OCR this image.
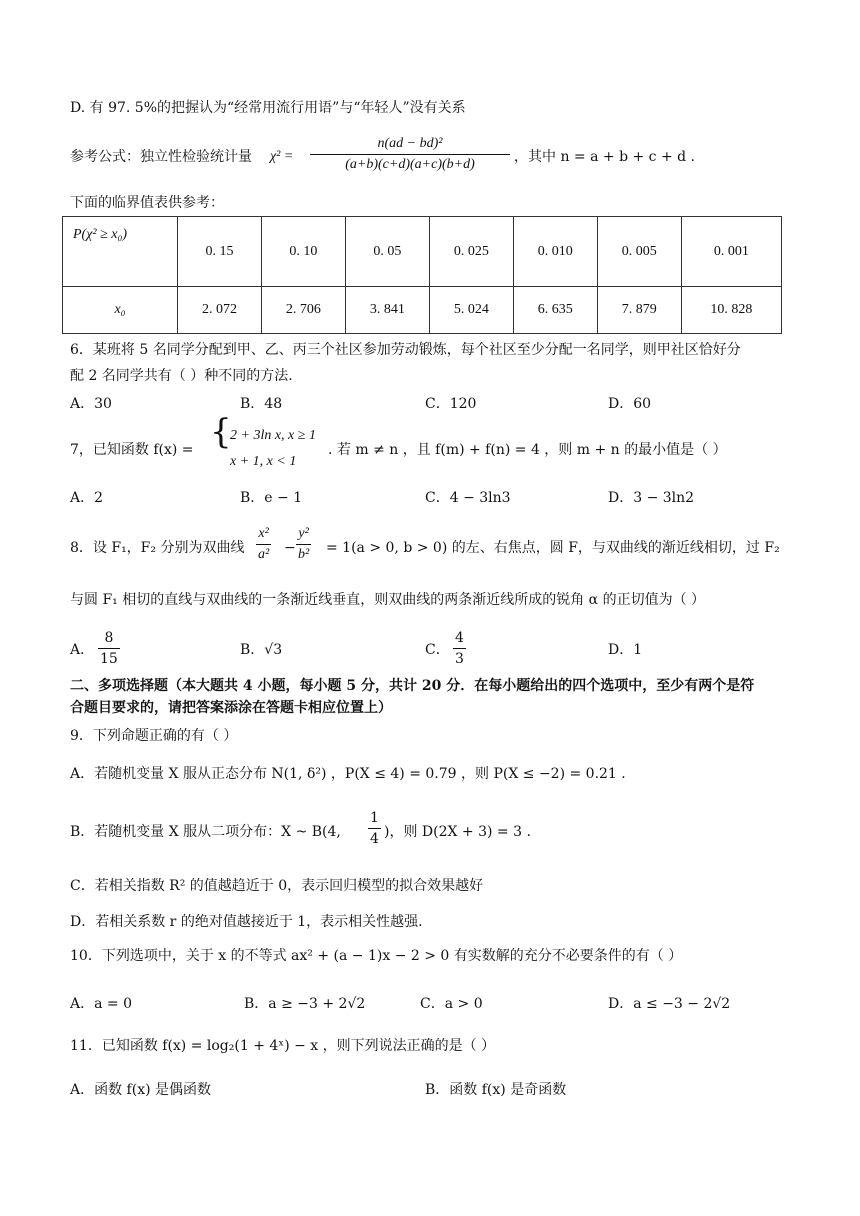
D. 有 97. 5%的把握认为“经常用流行用语”与“年轻人”没有关系
参考公式：独立性检验统计量 $\chi^2 = \frac{\text{n(ad − bd)²}}{(a+b)(c+d)(a+c)(b+d)}$ ，其中 n = a + b + c + d .
下面的临界值表供参考：
P(χ² ≥ x₀)	0. 15	0. 10	0. 05	0. 025	0. 010	0. 005	0. 001
x₀	2. 072	2. 706	3. 841	5. 024	6. 635	7. 879	10. 828
6．某班将 5 名同学分配到甲、乙、丙三个社区参加劳动锻炼，每个社区至少分配一名同学，则甲社区恰好分
配 2 名同学共有（ ）种不同的方法.
A．30	B．48	C．120	D．60
7，已知函数 f(x) = {
2 + 3ln x, x ≥ 1
x + 1, x < 1
. 若 m ≠ n ，且 f(m) + f(n) = 4 ，则 m + n 的最小值是（ ）
A．2	B．e − 1	C．4 − 3ln3	D．3 − 3ln2
8．设 F₁，F₂ 分别为双曲线 $\frac{\text{x²}}{\text{a²}} - \frac{\text{y²}}{\text{b²}} = 1(a > 0$, b > 0) 的左、右焦点，圆 F，与双曲线的渐近线相切，过 F₂
与圆 F₁ 相切的直线与双曲线的一条渐近线垂直，则双曲线的两条渐近线所成的锐角 α 的正切值为（ ）
A． $\frac{8}{15}$	B．√3	C． $\frac{4}{3}$	D．1
二、多项选择题（本大题共 4 小题，每小题 5 分，共计 20 分．在每小题给出的四个选项中，至少有两个是符
合题目要求的，请把答案添涂在答题卡相应位置上）
9．下列命题正确的有（ ）
A．若随机变量 X 服从正态分布 N(1, δ²) ，P(X ≤ 4) = 0.79 ，则 P(X ≤ −2) = 0.21 .
B．若随机变量 X 服从二项分布：X ~ B(4, $\frac{1}{4}$ )，则 D(2X + 3) = 3 .
C．若相关指数 R² 的值越趋近于 0，表示回归模型的拟合效果越好
D．若相关系数 r 的绝对值越接近于 1，表示相关性越强.
10．下列选项中，关于 x 的不等式 ax² + (a − 1)x − 2 > 0 有实数解的充分不必要条件的有（ ）
A．a = 0	B．a ≥ −3 + 2√2	C．a > 0	D．a ≤ −3 − 2√2
11．已知函数 f(x) = log₂(1 + 4ˣ) − x ，则下列说法正确的是（ ）
A．函数 f(x) 是偶函数	B．函数 f(x) 是奇函数
